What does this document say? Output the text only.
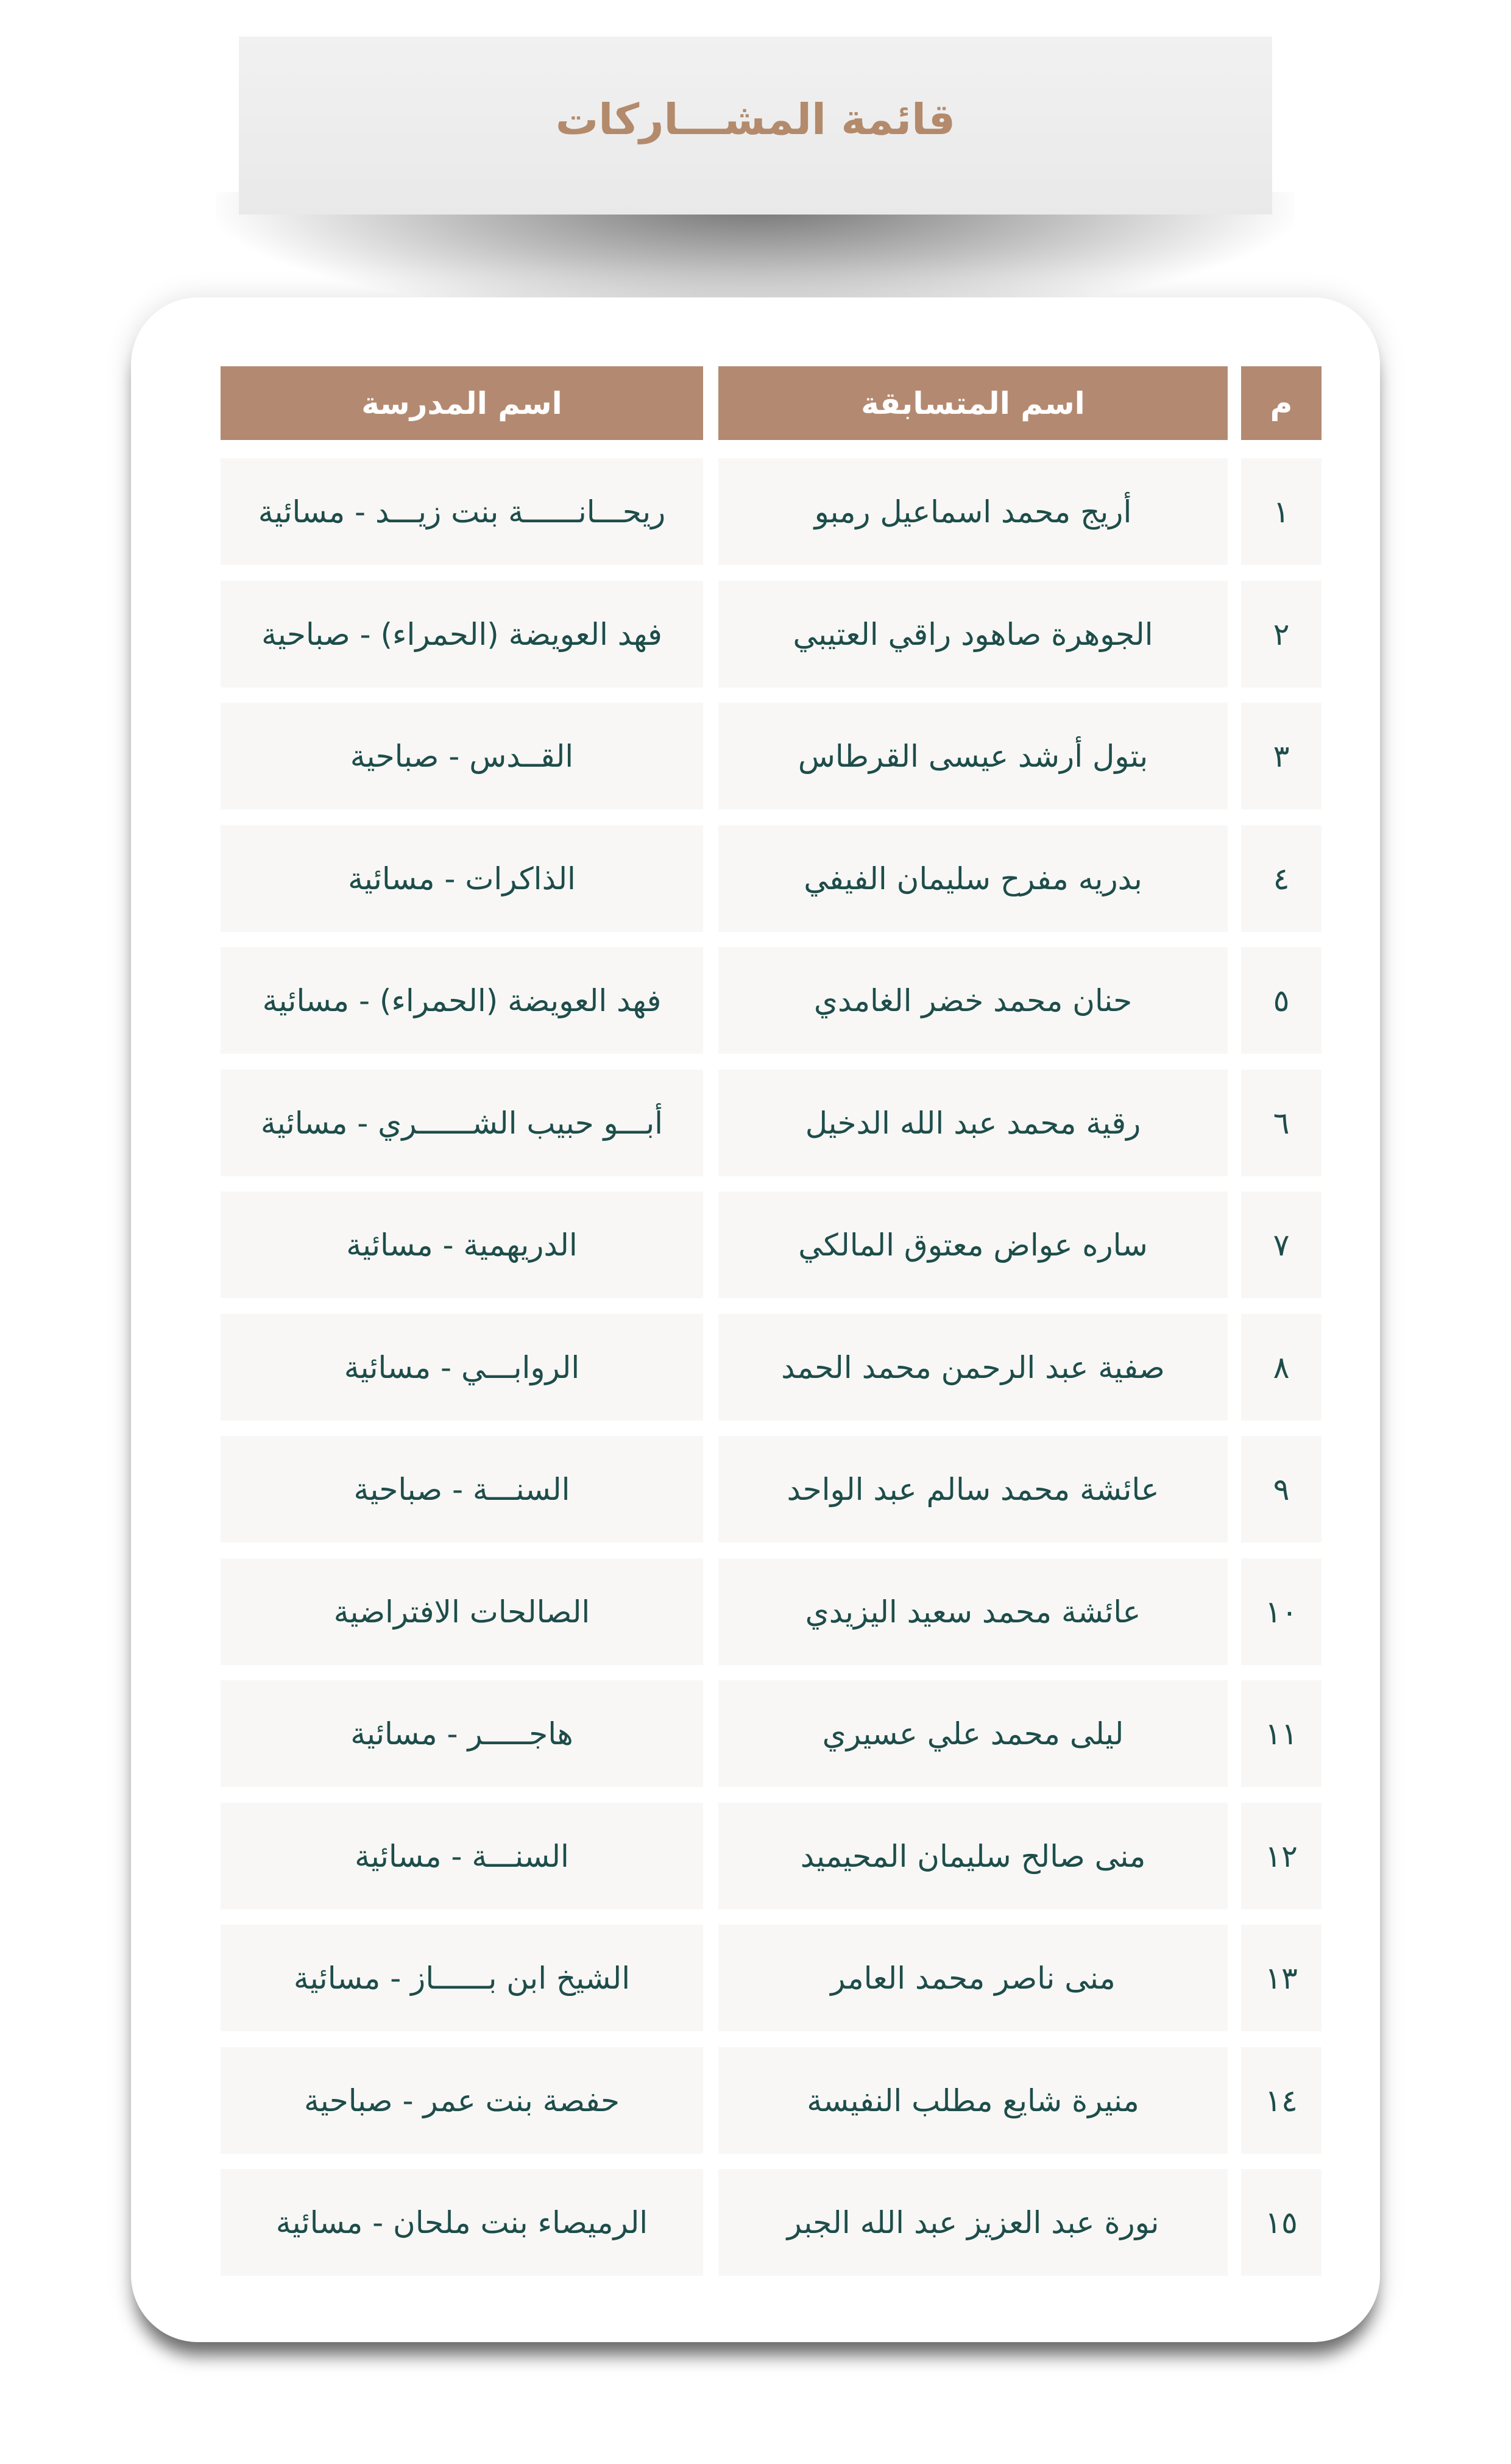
قائمة المشـــاركات
م
اسم المتسابقة
اسم المدرسة
١
أريج محمد اسماعيل رمبو
ريحـــانــــــة بنت زيـــد - مسائية
٢
الجوهرة صاهود راقي العتيبي
فهد العويضة (الحمراء) - صباحية
٣
بتول أرشد عيسى القرطاس
القــدس - صباحية
٤
بدريه مفرح سليمان الفيفي
الذاكرات - مسائية
٥
حنان محمد خضر الغامدي
فهد العويضة (الحمراء) - مسائية
٦
رقية محمد عبد الله الدخيل
أبـــو حبيب الشــــــري - مسائية
٧
ساره عواض معتوق المالكي
الدريهمية - مسائية
٨
صفية عبد الرحمن محمد الحمد
الروابـــي - مسائية
٩
عائشة محمد سالم عبد الواحد
السنـــة - صباحية
١٠
عائشة محمد سعيد اليزيدي
الصالحات الافتراضية
١١
ليلى محمد علي عسيري
هاجـــــر - مسائية
١٢
منى صالح سليمان المحيميد
السنـــة - مسائية
١٣
منى ناصر محمد العامر
الشيخ ابن بــــــاز - مسائية
١٤
منيرة شايع مطلب النفيسة
حفصة بنت عمر - صباحية
١٥
نورة عبد العزيز عبد الله الجبر
الرميصاء بنت ملحان - مسائية
